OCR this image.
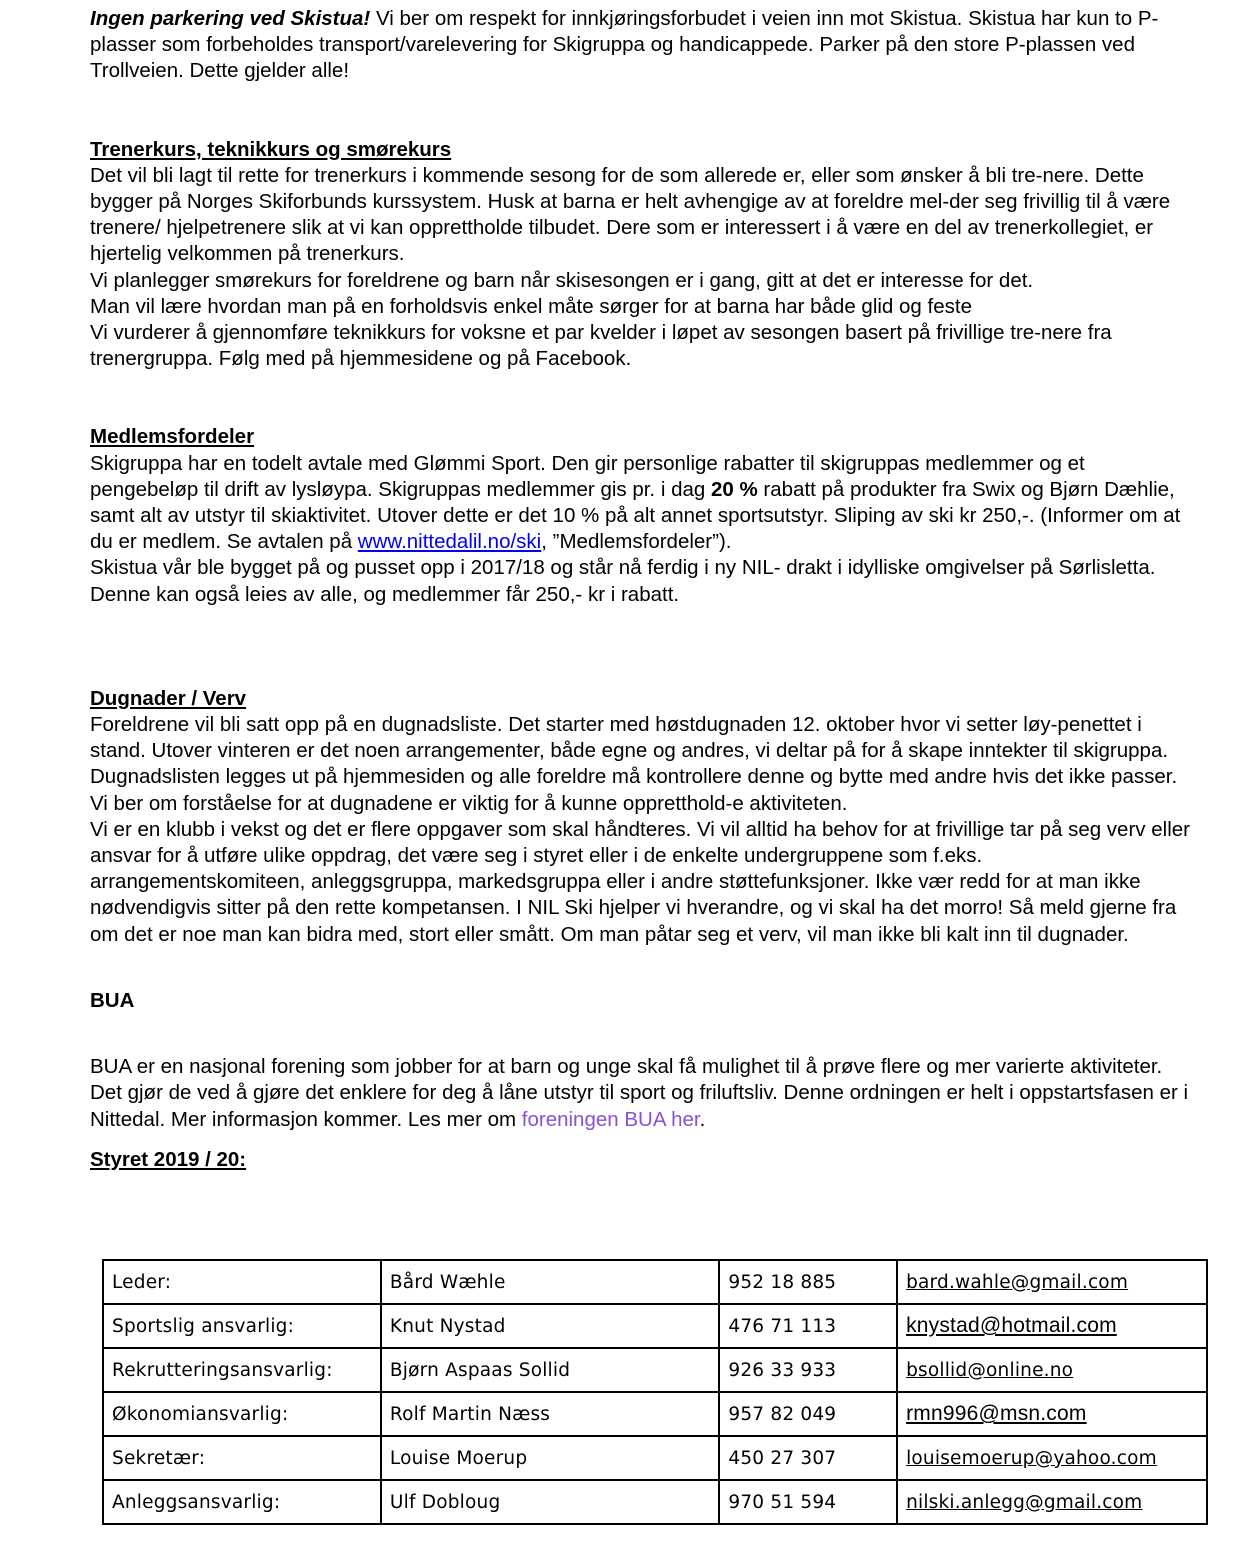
Ingen parkering ved Skistua! Vi ber om respekt for innkjøringsforbudet i veien inn mot Skistua. Skistua har kun to P-plasser som forbeholdes transport/varelevering for Skigruppa og handicappede. Parker på den store P-plassen ved Trollveien. Dette gjelder alle!

Trenerkurs, teknikkurs og smørekurs

Det vil bli lagt til rette for trenerkurs i kommende sesong for de som allerede er, eller som ønsker å bli tre-nere. Dette bygger på Norges Skiforbunds kurssystem. Husk at barna er helt avhengige av at foreldre mel-der seg frivillig til å være trenere/ hjelpetrenere slik at vi kan opprettholde tilbudet. Dere som er interessert i å være en del av trenerkollegiet, er hjertelig velkommen på trenerkurs.

Vi planlegger smørekurs for foreldrene og barn når skisesongen er i gang, gitt at det er interesse for det.

Man vil lære hvordan man på en forholdsvis enkel måte sørger for at barna har både glid og feste

Vi vurderer å gjennomføre teknikkurs for voksne et par kvelder i løpet av sesongen basert på frivillige tre-nere fra trenergruppa. Følg med på hjemmesidene og på Facebook.

Medlemsfordeler

Skigruppa har en todelt avtale med Glømmi Sport. Den gir personlige rabatter til skigruppas medlemmer og et pengebeløp til drift av lysløypa. Skigruppas medlemmer gis pr. i dag 20 % rabatt på produkter fra Swix og Bjørn Dæhlie, samt alt av utstyr til skiaktivitet. Utover dette er det 10 % på alt annet sportsutstyr. Sliping av ski kr 250,-. (Informer om at du er medlem. Se avtalen på www.nittedalil.no/ski, ”Medlemsfordeler”).

Skistua vår ble bygget på og pusset opp i 2017/18 og står nå ferdig i ny NIL- drakt i idylliske omgivelser på Sørlisletta. Denne kan også leies av alle, og medlemmer får 250,- kr i rabatt.

Dugnader / Verv

Foreldrene vil bli satt opp på en dugnadsliste. Det starter med høstdugnaden 12. oktober hvor vi setter løy-penettet i stand. Utover vinteren er det noen arrangementer, både egne og andres, vi deltar på for å skape inntekter til skigruppa. Dugnadslisten legges ut på hjemmesiden og alle foreldre må kontrollere denne og bytte med andre hvis det ikke passer. Vi ber om forståelse for at dugnadene er viktig for å kunne oppretthold-e aktiviteten.

Vi er en klubb i vekst og det er flere oppgaver som skal håndteres. Vi vil alltid ha behov for at frivillige tar på seg verv eller ansvar for å utføre ulike oppdrag, det være seg i styret eller i de enkelte undergruppene som f.eks. arrangementskomiteen, anleggsgruppa, markedsgruppa eller i andre støttefunksjoner. Ikke vær redd for at man ikke nødvendigvis sitter på den rette kompetansen. I NIL Ski hjelper vi hverandre, og vi skal ha det morro! Så meld gjerne fra om det er noe man kan bidra med, stort eller smått. Om man påtar seg et verv, vil man ikke bli kalt inn til dugnader.

BUA

BUA er en nasjonal forening som jobber for at barn og unge skal få mulighet til å prøve flere og mer varierte aktiviteter. Det gjør de ved å gjøre det enklere for deg å låne utstyr til sport og friluftsliv. Denne ordningen er helt i oppstartsfasen er i Nittedal. Mer informasjon kommer. Les mer om foreningen BUA her.

Styret 2019 / 20:

Leder:	Bård Wæhle	952 18 885	bard.wahle@gmail.com
Sportslig ansvarlig:	Knut Nystad	476 71 113	knystad@hotmail.com
Rekrutteringsansvarlig:	Bjørn Aspaas Sollid	926 33 933	bsollid@online.no
Økonomiansvarlig:	Rolf Martin Næss	957 82 049	rmn996@msn.com
Sekretær:	Louise Moerup	450 27 307	louisemoerup@yahoo.com
Anleggsansvarlig:	Ulf Dobloug	970 51 594	nilski.anlegg@gmail.com
